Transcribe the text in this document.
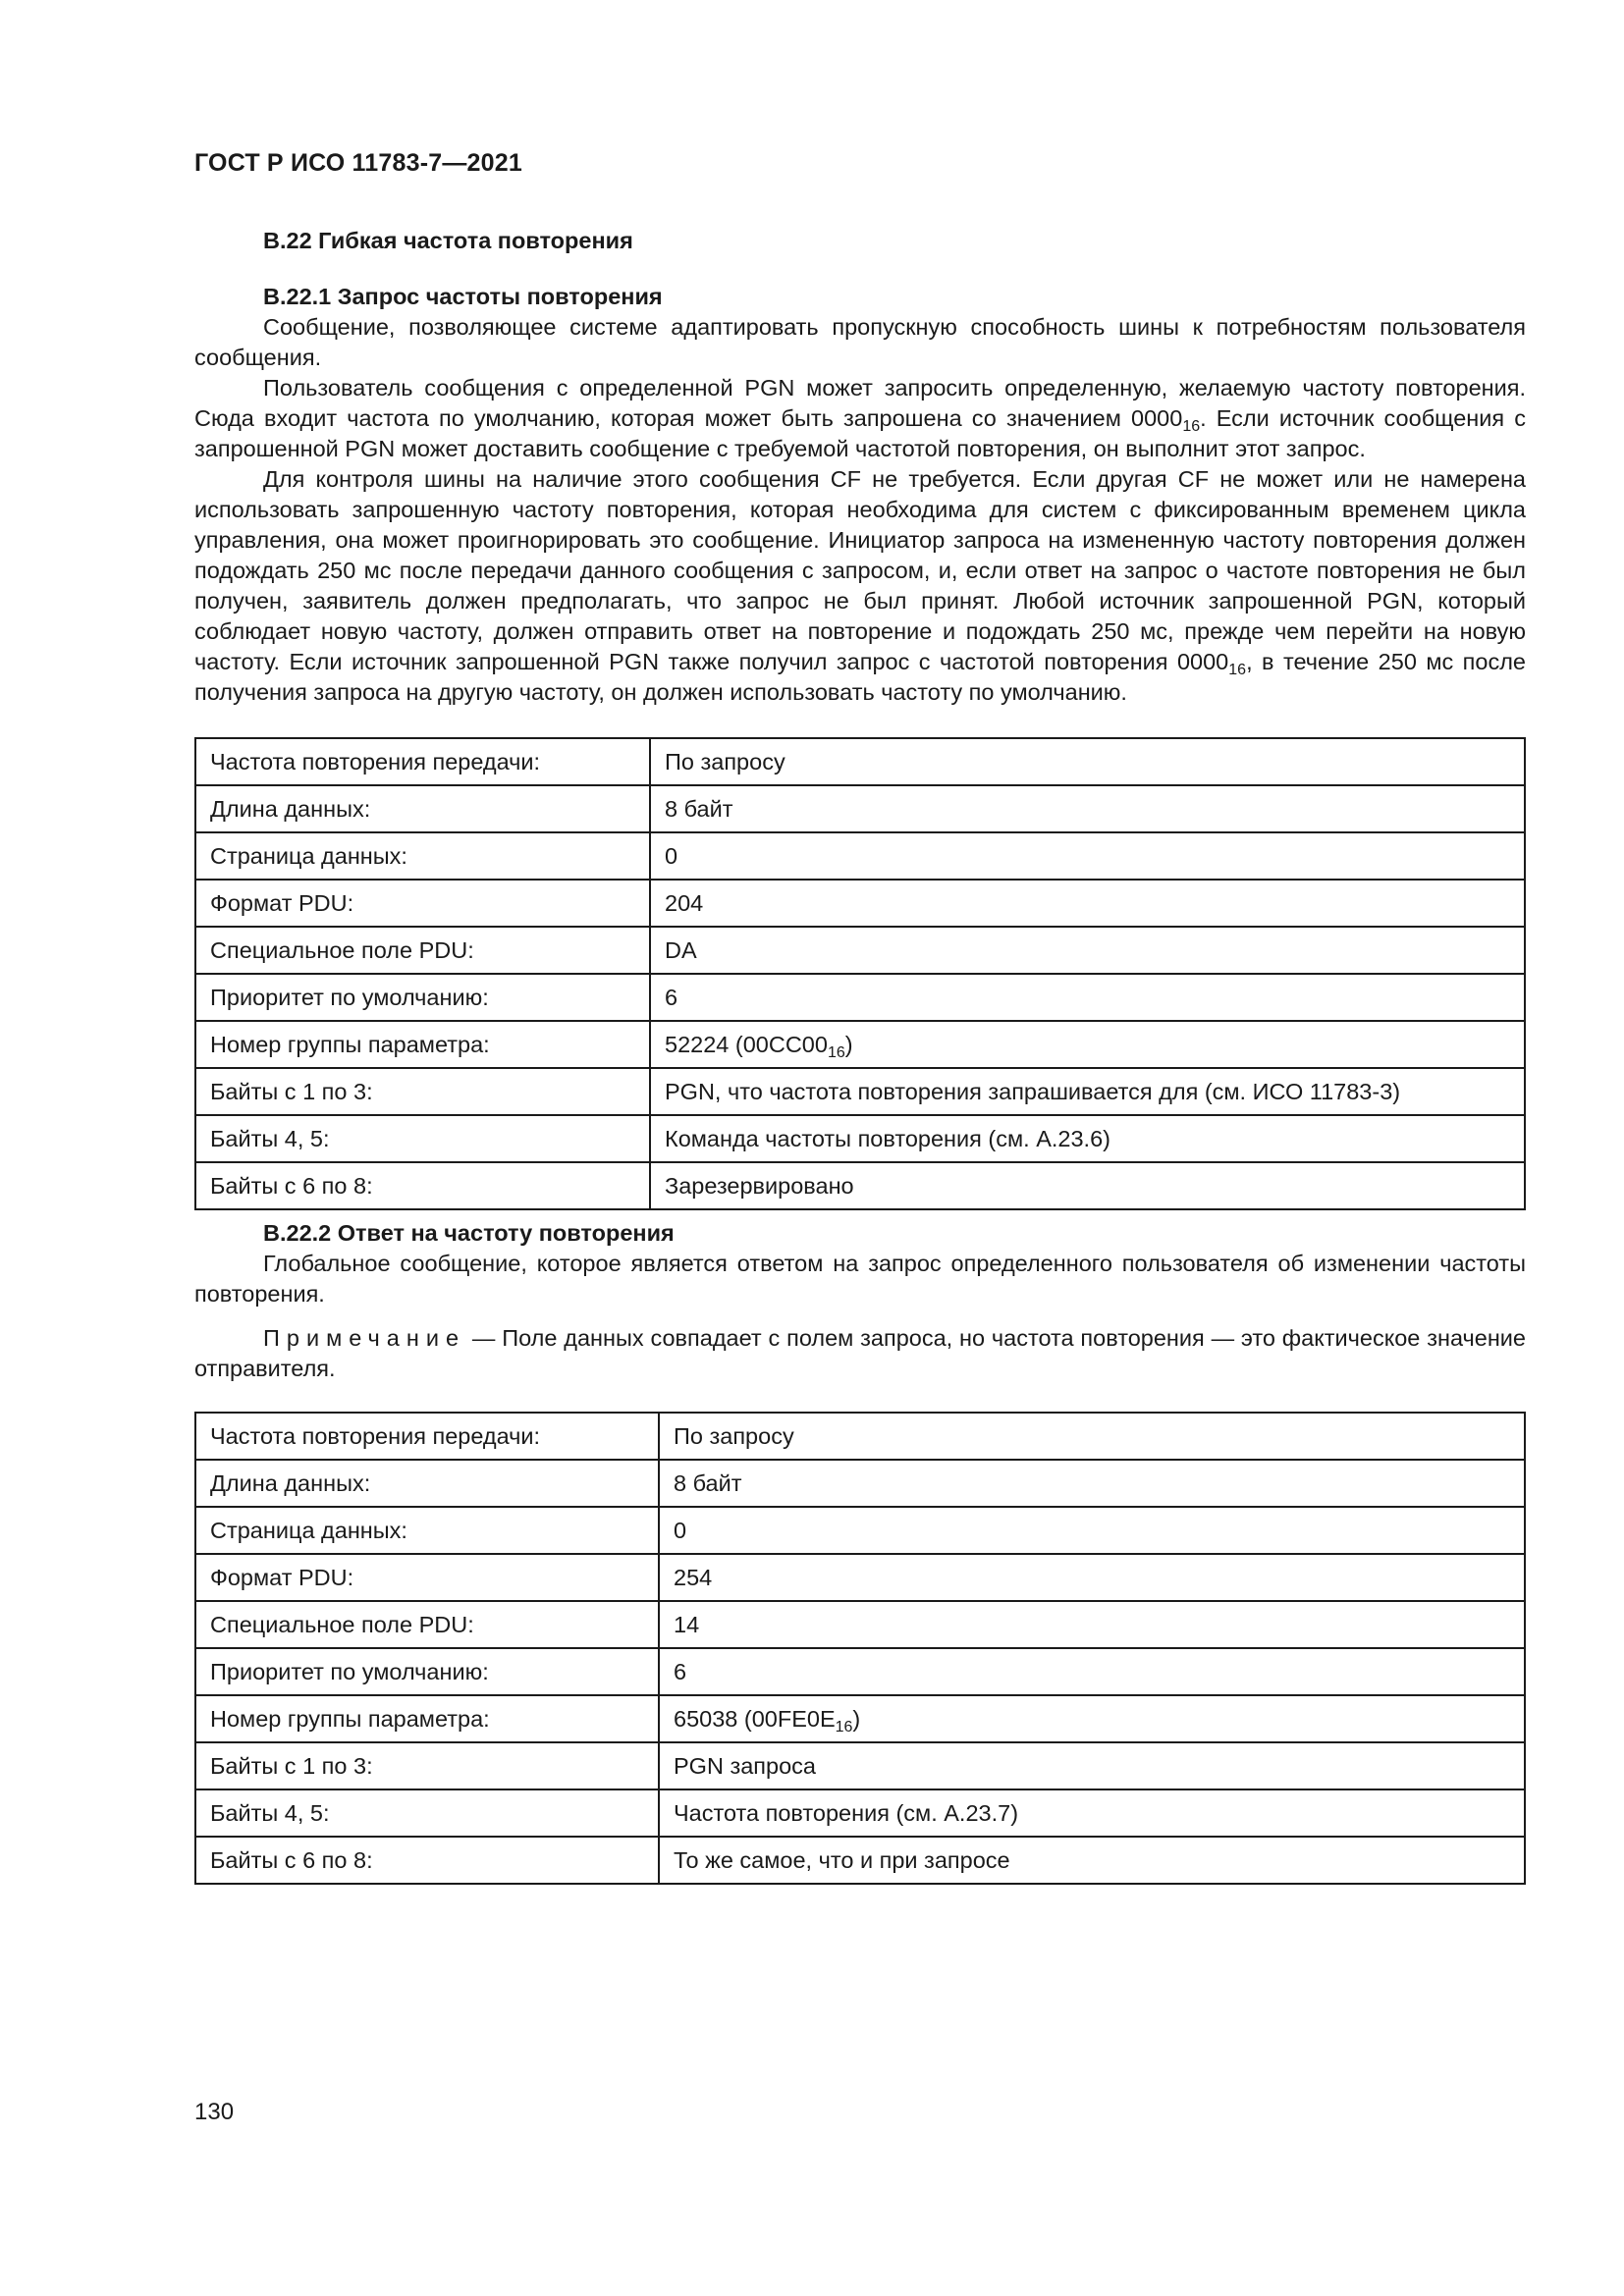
ГОСТ Р ИСО 11783-7—2021
B.22 Гибкая частота повторения
B.22.1 Запрос частоты повторения

Сообщение, позволяющее системе адаптировать пропускную способность шины к потребностям пользователя сообщения.

Пользователь сообщения с определенной PGN может запросить определенную, желаемую частоту повторения. Сюда входит частота по умолчанию, которая может быть запрошена со значением $0000_{16}$. Если источник сообщения с запрошенной PGN может доставить сообщение с требуемой частотой повторения, он выполнит этот запрос.

Для контроля шины на наличие этого сообщения CF не требуется. Если другая CF не может или не намерена использовать запрошенную частоту повторения, которая необходима для систем с фиксированным временем цикла управления, она может проигнорировать это сообщение. Инициатор запроса на измененную частоту повторения должен подождать 250 мс после передачи данного сообщения с запросом, и, если ответ на запрос о частоте повторения не был получен, заявитель должен предполагать, что запрос не был принят. Любой источник запрошенной PGN, который соблюдает новую частоту, должен отправить ответ на повторение и подождать 250 мс, прежде чем перейти на новую частоту. Если источник запрошенной PGN также получил запрос с частотой повторения $0000_{16}$, в течение 250 мс после получения запроса на другую частоту, он должен использовать частоту по умолчанию.

Частота повторения передачи:	По запросу
Длина данных:	8 байт
Страница данных:	0
Формат PDU:	204
Специальное поле PDU:	DA
Приоритет по умолчанию:	6
Номер группы параметра:	52224 $(00CC00_{16})$
Байты с 1 по 3:	PGN, что частота повторения запрашивается для (см. ИСО 11783-3)
Байты 4, 5:	Команда частоты повторения (см. А.23.6)
Байты с 6 по 8:	Зарезервировано
B.22.2 Ответ на частоту повторения

Глобальное сообщение, которое является ответом на запрос определенного пользователя об изменении частоты повторения.

Примечание — Поле данных совпадает с полем запроса, но частота повторения — это фактическое значение отправителя.

Частота повторения передачи:	По запросу
Длина данных:	8 байт
Страница данных:	0
Формат PDU:	254
Специальное поле PDU:	14
Приоритет по умолчанию:	6
Номер группы параметра:	65038 $(00FE0E_{16})$
Байты с 1 по 3:	PGN запроса
Байты 4, 5:	Частота повторения (см. А.23.7)
Байты с 6 по 8:	То же самое, что и при запросе

130
